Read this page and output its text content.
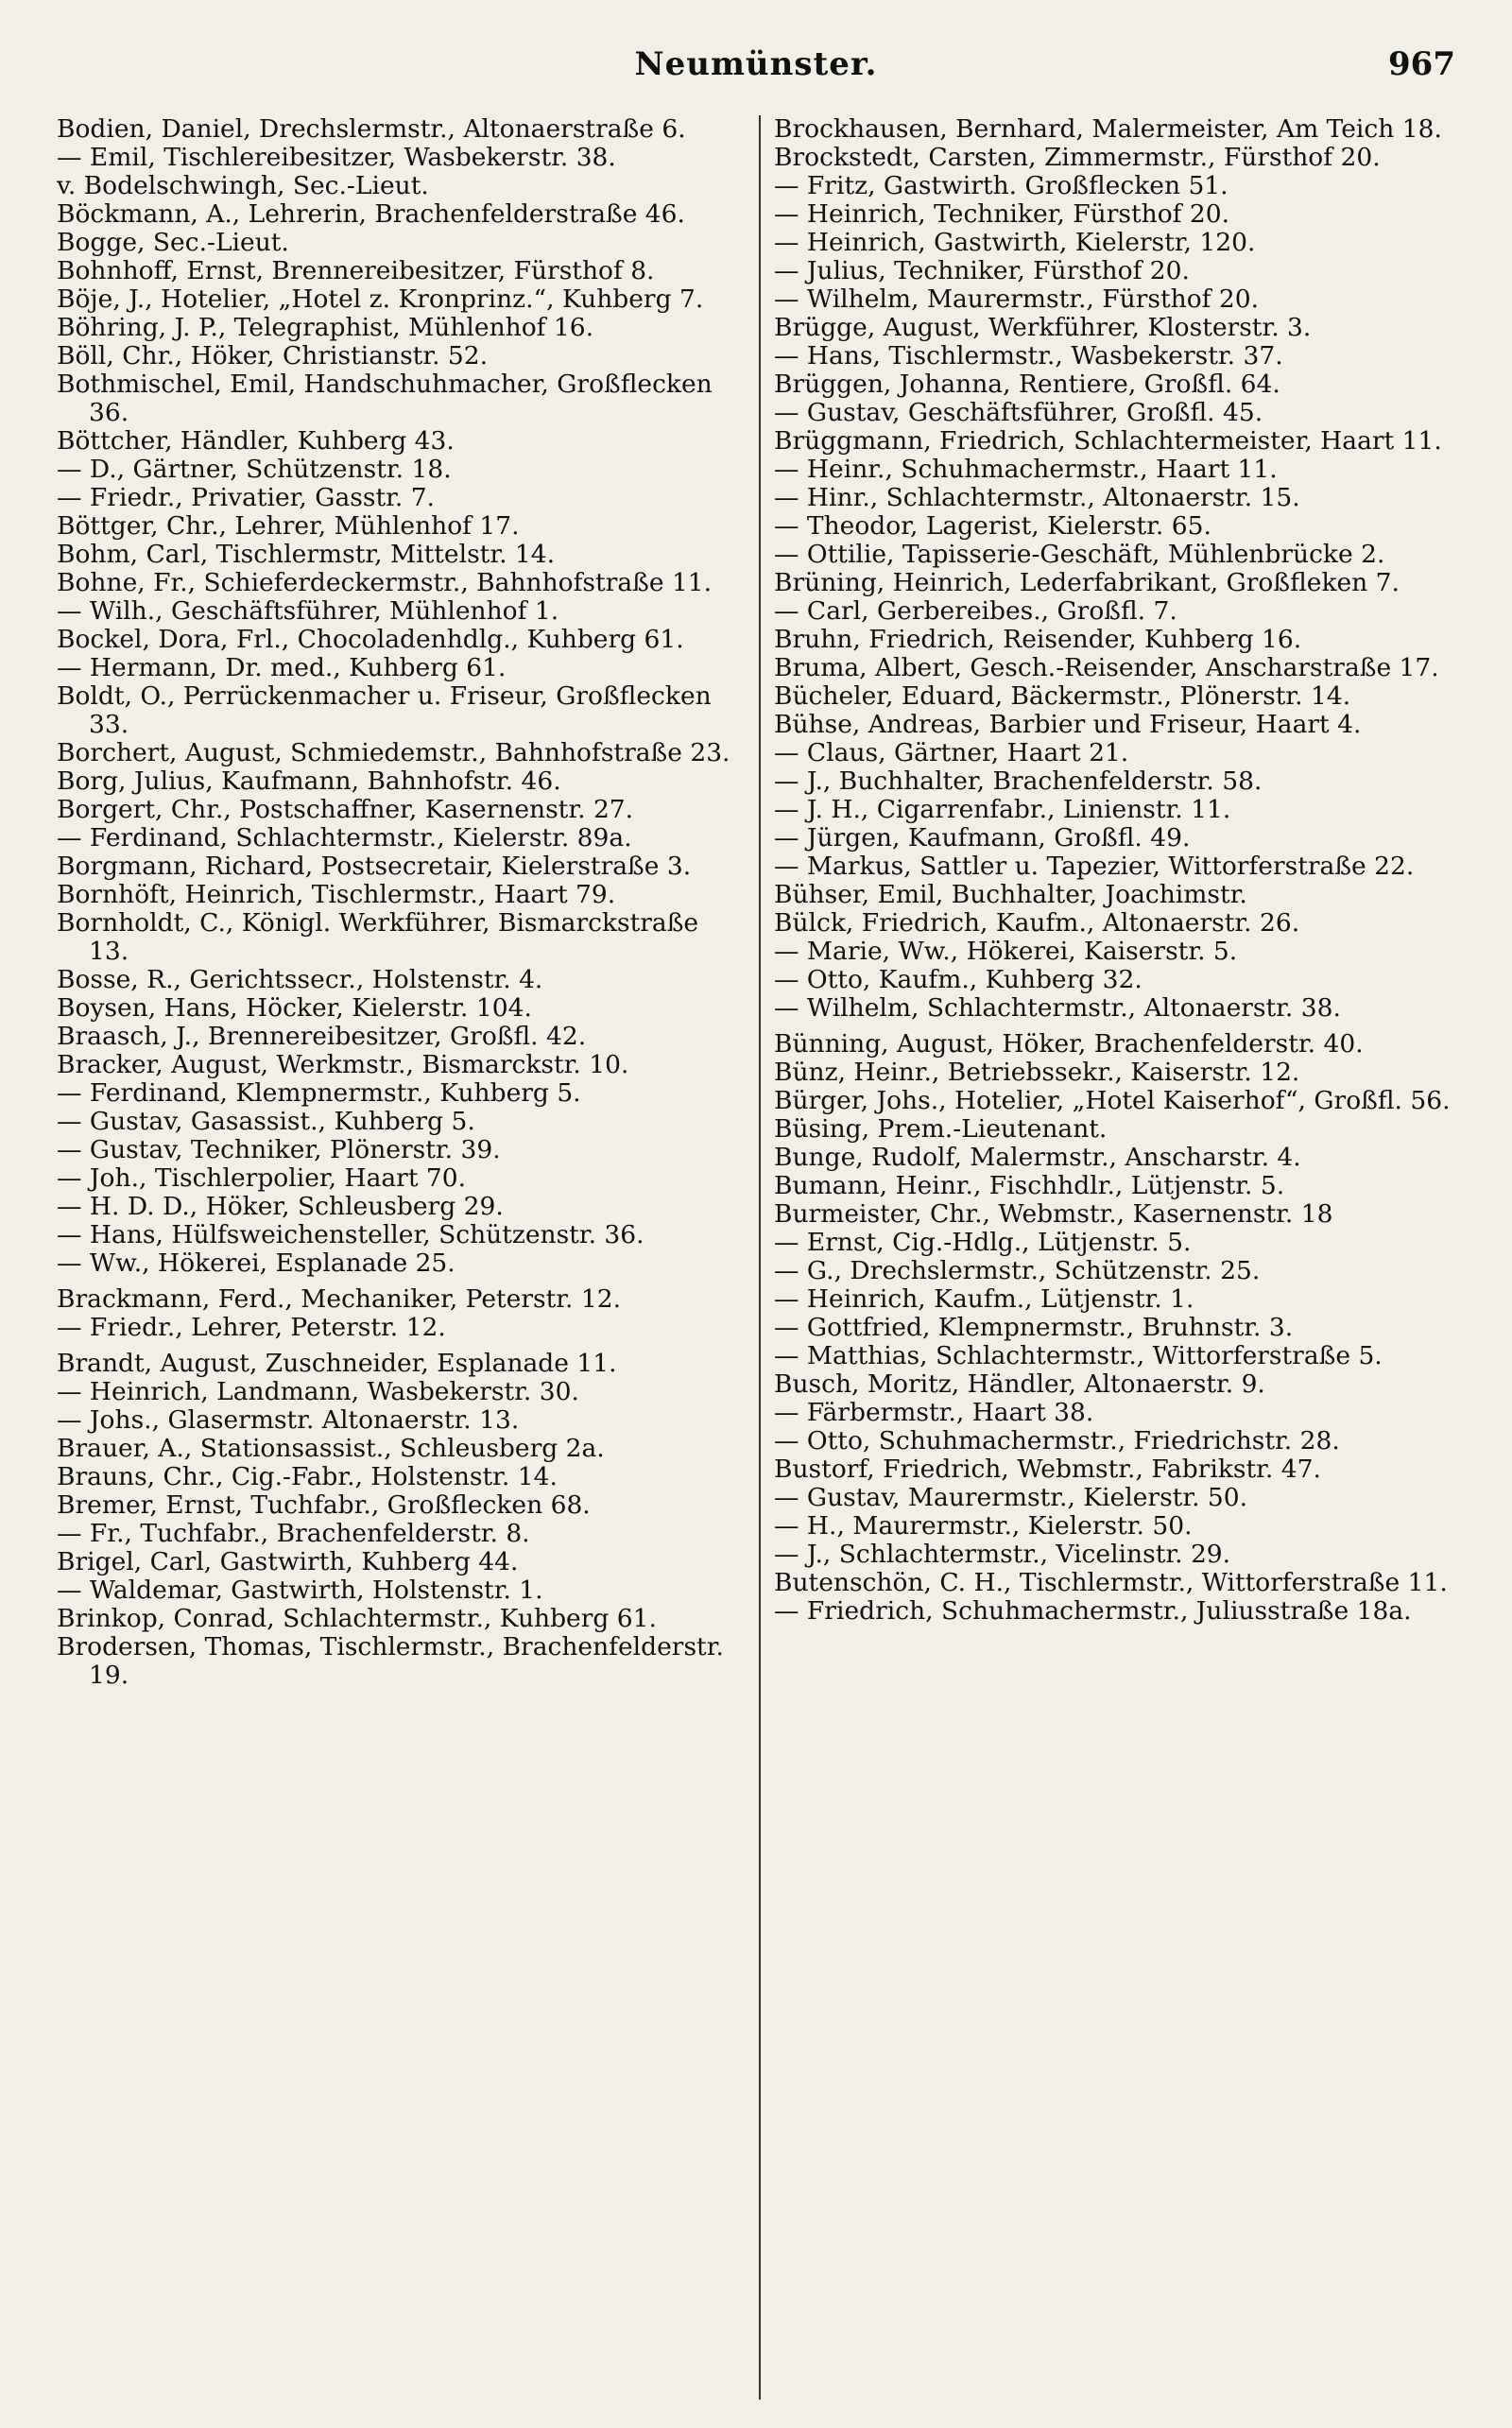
Neumünster.	967

Bodien, Daniel, Drechslermstr., Altonaerstraße 6.

— Emil, Tischlereibesitzer, Wasbekerstr. 38.

v. Bodelschwingh, Sec.-Lieut.

Böckmann, A., Lehrerin, Brachenfelderstraße 46.

Bogge, Sec.-Lieut.

Bohnhoff, Ernst, Brennereibesitzer, Fürsthof 8.

Böje, J., Hotelier, „Hotel z. Kronprinz.“, Kuhberg 7.

Böhring, J. P., Telegraphist, Mühlenhof 16.

Böll, Chr., Höker, Christianstr. 52.

Bothmischel, Emil, Handschuhmacher, Großflecken 36.

Böttcher, Händler, Kuhberg 43.

— D., Gärtner, Schützenstr. 18.

— Friedr., Privatier, Gasstr. 7.

Böttger, Chr., Lehrer, Mühlenhof 17.

Bohm, Carl, Tischlermstr, Mittelstr. 14.

Bohne, Fr., Schieferdeckermstr., Bahnhofstraße 11.

— Wilh., Geschäftsführer, Mühlenhof 1.

Bockel, Dora, Frl., Chocoladenhdlg., Kuhberg 61.

— Hermann, Dr. med., Kuhberg 61.

Boldt, O., Perrückenmacher u. Friseur, Großflecken 33.

Borchert, August, Schmiedemstr., Bahnhofstraße 23.

Borg, Julius, Kaufmann, Bahnhofstr. 46.

Borgert, Chr., Postschaffner, Kasernenstr. 27.

— Ferdinand, Schlachtermstr., Kielerstr. 89a.

Borgmann, Richard, Postsecretair, Kielerstraße 3.

Bornhöft, Heinrich, Tischlermstr., Haart 79.

Bornholdt, C., Königl. Werkführer, Bismarckstraße 13.

Bosse, R., Gerichtssecr., Holstenstr. 4.

Boysen, Hans, Höcker, Kielerstr. 104.

Braasch, J., Brennereibesitzer, Großfl. 42.

Bracker, August, Werkmstr., Bismarckstr. 10.

— Ferdinand, Klempnermstr., Kuhberg 5.

— Gustav, Gasassist., Kuhberg 5.

— Gustav, Techniker, Plönerstr. 39.

— Joh., Tischlerpolier, Haart 70.

— H. D. D., Höker, Schleusberg 29.

— Hans, Hülfsweichensteller, Schützenstr. 36.

— Ww., Hökerei, Esplanade 25.

Brackmann, Ferd., Mechaniker, Peterstr. 12.

— Friedr., Lehrer, Peterstr. 12.

Brandt, August, Zuschneider, Esplanade 11.

— Heinrich, Landmann, Wasbekerstr. 30.

— Johs., Glasermstr. Altonaerstr. 13.

Brauer, A., Stationsassist., Schleusberg 2a.

Brauns, Chr., Cig.-Fabr., Holstenstr. 14.

Bremer, Ernst, Tuchfabr., Großflecken 68.

— Fr., Tuchfabr., Brachenfelderstr. 8.

Brigel, Carl, Gastwirth, Kuhberg 44.

— Waldemar, Gastwirth, Holstenstr. 1.

Brinkop, Conrad, Schlachtermstr., Kuhberg 61.

Brodersen, Thomas, Tischlermstr., Brachenfelderstr. 19.

Brockhausen, Bernhard, Malermeister, Am Teich 18.

Brockstedt, Carsten, Zimmermstr., Fürsthof 20.

— Fritz, Gastwirth. Großflecken 51.

— Heinrich, Techniker, Fürsthof 20.

— Heinrich, Gastwirth, Kielerstr, 120.

— Julius, Techniker, Fürsthof 20.

— Wilhelm, Maurermstr., Fürsthof 20.

Brügge, August, Werkführer, Klosterstr. 3.

— Hans, Tischlermstr., Wasbekerstr. 37.

Brüggen, Johanna, Rentiere, Großfl. 64.

— Gustav, Geschäftsführer, Großfl. 45.

Brüggmann, Friedrich, Schlachtermeister, Haart 11.

— Heinr., Schuhmachermstr., Haart 11.

— Hinr., Schlachtermstr., Altonaerstr. 15.

— Theodor, Lagerist, Kielerstr. 65.

— Ottilie, Tapisserie-Geschäft, Mühlenbrücke 2.

Brüning, Heinrich, Lederfabrikant, Großfleken 7.

— Carl, Gerbereibes., Großfl. 7.

Bruhn, Friedrich, Reisender, Kuhberg 16.

Bruma, Albert, Gesch.-Reisender, Anscharstraße 17.

Bücheler, Eduard, Bäckermstr., Plönerstr. 14.

Bühse, Andreas, Barbier und Friseur, Haart 4.

— Claus, Gärtner, Haart 21.

— J., Buchhalter, Brachenfelderstr. 58.

— J. H., Cigarrenfabr., Linienstr. 11.

— Jürgen, Kaufmann, Großfl. 49.

— Markus, Sattler u. Tapezier, Wittorferstraße 22.

Bühser, Emil, Buchhalter, Joachimstr.

Bülck, Friedrich, Kaufm., Altonaerstr. 26.

— Marie, Ww., Hökerei, Kaiserstr. 5.

— Otto, Kaufm., Kuhberg 32.

— Wilhelm, Schlachtermstr., Altonaerstr. 38.

Bünning, August, Höker, Brachenfelderstr. 40.

Bünz, Heinr., Betriebssekr., Kaiserstr. 12.

Bürger, Johs., Hotelier, „Hotel Kaiserhof“, Großfl. 56.

Büsing, Prem.-Lieutenant.

Bunge, Rudolf, Malermstr., Anscharstr. 4.

Bumann, Heinr., Fischhdlr., Lütjenstr. 5.

Burmeister, Chr., Webmstr., Kasernenstr. 18

— Ernst, Cig.-Hdlg., Lütjenstr. 5.

— G., Drechslermstr., Schützenstr. 25.

— Heinrich, Kaufm., Lütjenstr. 1.

— Gottfried, Klempnermstr., Bruhnstr. 3.

— Matthias, Schlachtermstr., Wittorferstraße 5.

Busch, Moritz, Händler, Altonaerstr. 9.

— Färbermstr., Haart 38.

— Otto, Schuhmachermstr., Friedrichstr. 28.

Bustorf, Friedrich, Webmstr., Fabrikstr. 47.

— Gustav, Maurermstr., Kielerstr. 50.

— H., Maurermstr., Kielerstr. 50.

— J., Schlachtermstr., Vicelinstr. 29.

Butenschön, C. H., Tischlermstr., Wittorferstraße 11.

— Friedrich, Schuhmachermstr., Juliusstraße 18a.
